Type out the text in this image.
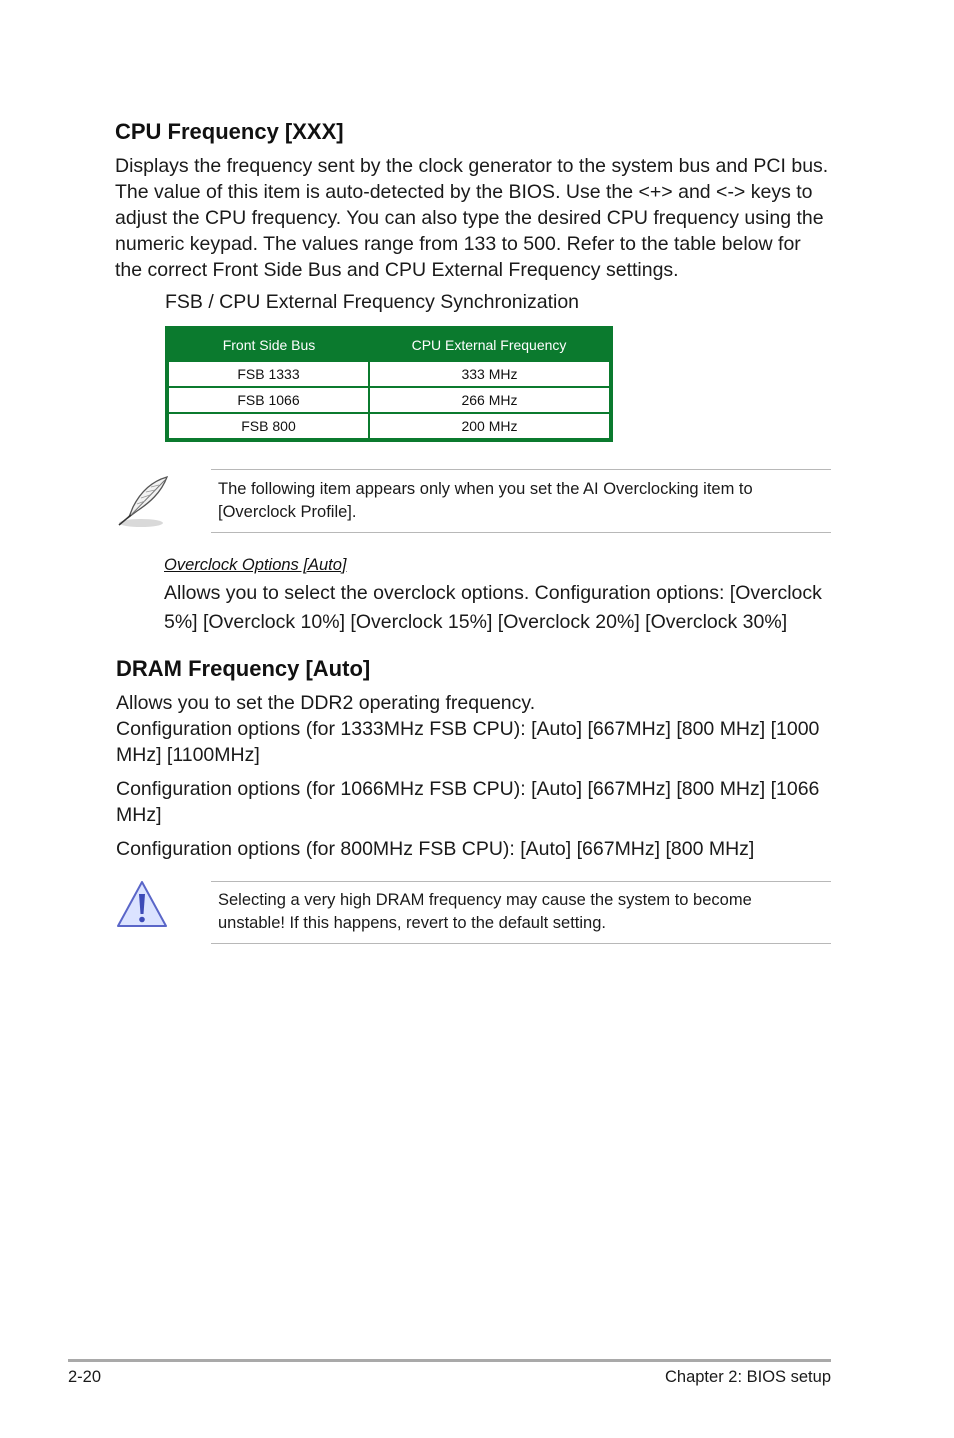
CPU Frequency [XXX]

Displays the frequency sent by the clock generator to the system bus and PCI bus.

The value of this item is auto-detected by the BIOS. Use the <+> and <-> keys to

adjust the CPU frequency. You can also type the desired CPU frequency using the

numeric keypad. The values range from 133 to 500. Refer to the table below for

the correct Front Side Bus and CPU External Frequency settings.

FSB / CPU External Frequency Synchronization
Front Side Bus	CPU External Frequency
FSB 1333	333 MHz
FSB 1066	266 MHz
FSB 800	200 MHz
The following item appears only when you set the AI Overclocking item to
[Overclock Profile].
Overclock Options [Auto]

Allows you to select the overclock options. Configuration options: [Overclock

5%] [Overclock 10%] [Overclock 15%] [Overclock 20%] [Overclock 30%]

DRAM Frequency [Auto]

Allows you to set the DDR2 operating frequency.

Configuration options (for 1333MHz FSB CPU): [Auto] [667MHz] [800 MHz] [1000

MHz] [1100MHz]

Configuration options (for 1066MHz FSB CPU): [Auto] [667MHz] [800 MHz] [1066

MHz]

Configuration options (for 800MHz FSB CPU): [Auto] [667MHz] [800 MHz]

Selecting a very high DRAM frequency may cause the system to become
unstable! If this happens, revert to the default setting.
2-20	Chapter 2: BIOS setup
